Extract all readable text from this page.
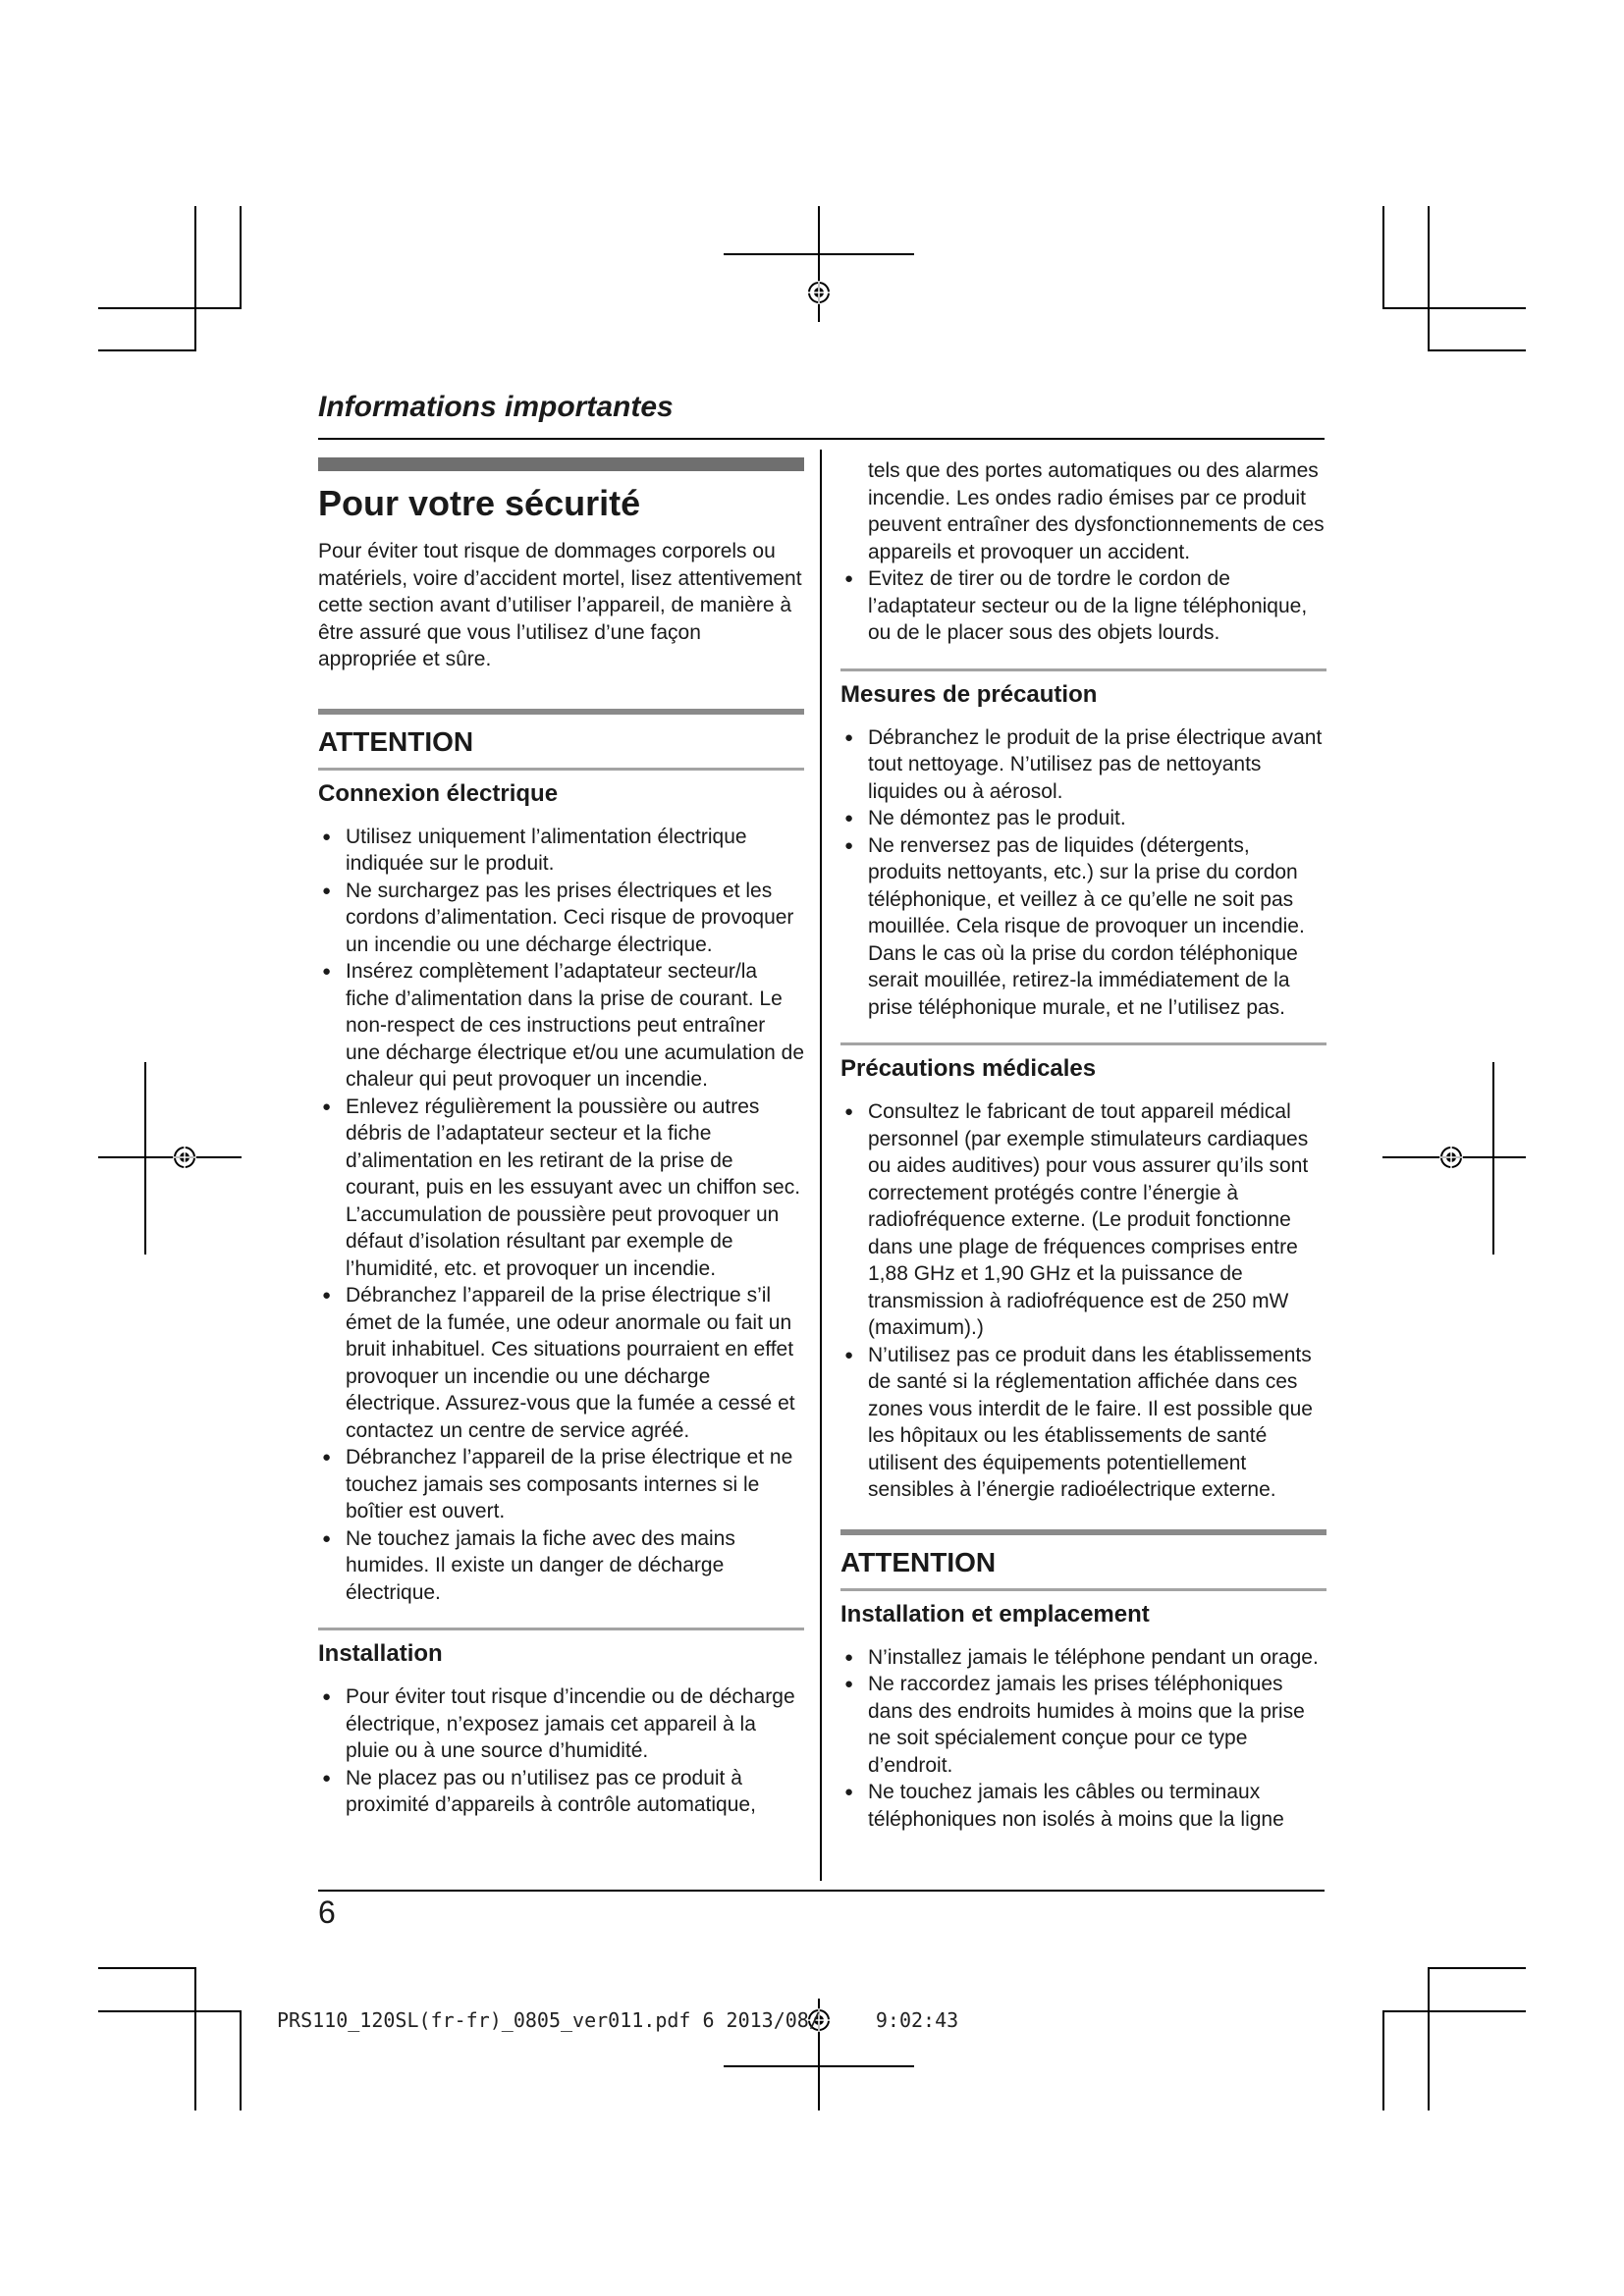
Informations importantes
Pour votre sécurité

Pour éviter tout risque de dommages corporels ou matériels, voire d’accident mortel, lisez attentivement cette section avant d’utiliser l’appareil, de manière à être assuré que vous l’utilisez d’une façon appropriée et sûre.

ATTENTION
Connexion électrique
● Utilisez uniquement l’alimentation électrique indiquée sur le produit.
● Ne surchargez pas les prises électriques et les cordons d’alimentation. Ceci risque de provoquer un incendie ou une décharge électrique.
● Insérez complètement l’adaptateur secteur/la fiche d’alimentation dans la prise de courant. Le non-respect de ces instructions peut entraîner une décharge électrique et/ou une acumulation de chaleur qui peut provoquer un incendie.
● Enlevez régulièrement la poussière ou autres débris de l’adaptateur secteur et la fiche d’alimentation en les retirant de la prise de courant, puis en les essuyant avec un chiffon sec. L’accumulation de poussière peut provoquer un défaut d’isolation résultant par exemple de l’humidité, etc. et provoquer un incendie.
● Débranchez l’appareil de la prise électrique s’il émet de la fumée, une odeur anormale ou fait un bruit inhabituel. Ces situations pourraient en effet provoquer un incendie ou une décharge électrique. Assurez-vous que la fumée a cessé et contactez un centre de service agréé.
● Débranchez l’appareil de la prise électrique et ne touchez jamais ses composants internes si le boîtier est ouvert.
● Ne touchez jamais la fiche avec des mains humides. Il existe un danger de décharge électrique.
Installation
● Pour éviter tout risque d’incendie ou de décharge électrique, n’exposez jamais cet appareil à la pluie ou à une source d’humidité.
● Ne placez pas ou n’utilisez pas ce produit à proximité d’appareils à contrôle automatique,

tels que des portes automatiques ou des alarmes incendie. Les ondes radio émises par ce produit peuvent entraîner des dysfonctionnements de ces appareils et provoquer un accident.

● Evitez de tirer ou de tordre le cordon de l’adaptateur secteur ou de la ligne téléphonique, ou de le placer sous des objets lourds.
Mesures de précaution
● Débranchez le produit de la prise électrique avant tout nettoyage. N’utilisez pas de nettoyants liquides ou à aérosol.
● Ne démontez pas le produit.
● Ne renversez pas de liquides (détergents, produits nettoyants, etc.) sur la prise du cordon téléphonique, et veillez à ce qu’elle ne soit pas mouillée. Cela risque de provoquer un incendie. Dans le cas où la prise du cordon téléphonique serait mouillée, retirez-la immédiatement de la prise téléphonique murale, et ne l’utilisez pas.
Précautions médicales
● Consultez le fabricant de tout appareil médical personnel (par exemple stimulateurs cardiaques ou aides auditives) pour vous assurer qu’ils sont correctement protégés contre l’énergie à radiofréquence externe. (Le produit fonctionne dans une plage de fréquences comprises entre 1,88 GHz et 1,90 GHz et la puissance de transmission à radiofréquence est de 250 mW (maximum).)
● N’utilisez pas ce produit dans les établissements de santé si la réglementation affichée dans ces zones vous interdit de le faire. Il est possible que les hôpitaux ou les établissements de santé utilisent des équipements potentiellement sensibles à l’énergie radioélectrique externe.
ATTENTION
Installation et emplacement
● N’installez jamais le téléphone pendant un orage.
● Ne raccordez jamais les prises téléphoniques dans des endroits humides à moins que la prise ne soit spécialement conçue pour ce type d’endroit.
● Ne touchez jamais les câbles ou terminaux téléphoniques non isolés à moins que la ligne
6
PRS110_120SL(fr-fr)_0805_ver011.pdf 6 2013/08/	9:02:43
